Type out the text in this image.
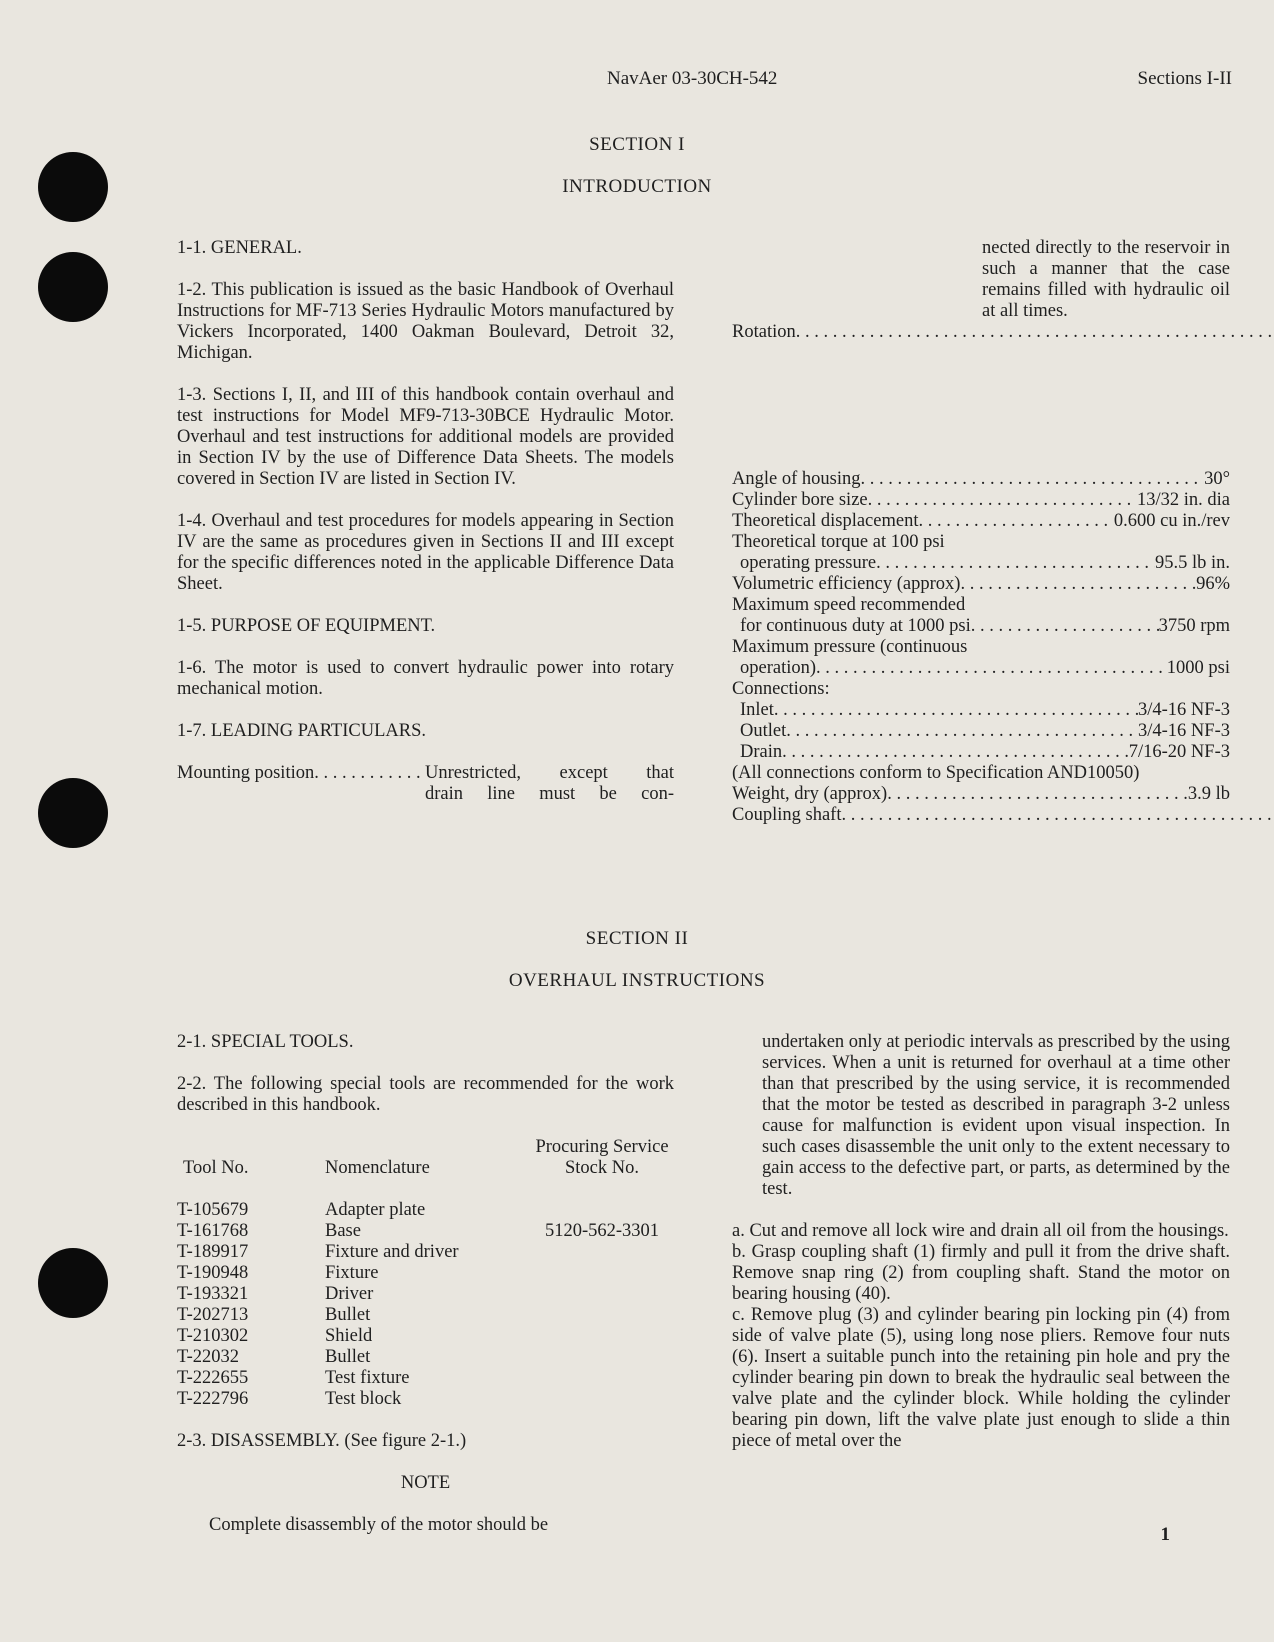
NavAer 03-30CH-542	Sections I-II
SECTION I
INTRODUCTION
1-1. GENERAL.
1-2. This publication is issued as the basic Handbook of Overhaul Instructions for MF-713 Series Hydraulic Motors manufactured by Vickers Incorporated, 1400 Oakman Boulevard, Detroit 32, Michigan.
1-3. Sections I, II, and III of this handbook contain overhaul and test instructions for Model MF9-713-30BCE Hydraulic Motor. Overhaul and test instructions for additional models are provided in Section IV by the use of Difference Data Sheets. The models covered in Section IV are listed in Section IV.
1-4. Overhaul and test procedures for models appearing in Section IV are the same as procedures given in Sections II and III except for the specific differences noted in the applicable Difference Data Sheet.
1-5. PURPOSE OF EQUIPMENT.
1-6. The motor is used to convert hydraulic power into rotary mechanical motion.
1-7. LEADING PARTICULARS.
Mounting position . . .	Unrestricted, except that
drain line must be con-
nected directly to the reservoir in such a manner that the case remains filled with hydraulic oil at all times.
Rotation
. . .
Angle of housing . . .	30°
Cylinder bore size . . .	13/32 in. dia
Theoretical displacement . . .	0.600 cu in./rev
Theoretical torque at 100 psi
operating pressure . . .	95.5 lb in.
Volumetric efficiency (approx) . . .	96%
Maximum speed recommended
for continuous duty at 1000 psi . . .	3750 rpm
Maximum pressure (continuous
operation) . . .	1000 psi
Connections:
Inlet . . .	3/4-16 NF-3
Outlet . . .	3/4-16 NF-3
Drain . . .	7/16-20 NF-3
(All connections conform to Specification AND10050)
Weight, dry (approx) . . .	3.9 lb
Coupling shaft
. . .
SECTION II
OVERHAUL INSTRUCTIONS
2-1. SPECIAL TOOLS.
2-2. The following special tools are recommended for the work described in this handbook.
Tool No.	Nomenclature	Procuring Service
Stock No.

T-105679	Adapter plate	
T-161768	Base	5120-562-3301
T-189917	Fixture and driver	
T-190948	Fixture	
T-193321	Driver	
T-202713	Bullet	
T-210302	Shield	
T-22032	Bullet	
T-222655	Test fixture	
T-222796	Test block	
2-3. DISASSEMBLY. (See figure 2-1.)
NOTE
Complete disassembly of the motor should be
undertaken only at periodic intervals as prescribed by the using services. When a unit is returned for overhaul at a time other than that prescribed by the using service, it is recommended that the motor be tested as described in paragraph 3-2 unless cause for malfunction is evident upon visual inspection. In such cases disassemble the unit only to the extent necessary to gain access to the defective part, or parts, as determined by the test.
a. Cut and remove all lock wire and drain all oil from the housings.
b. Grasp coupling shaft (1) firmly and pull it from the drive shaft. Remove snap ring (2) from coupling shaft. Stand the motor on bearing housing (40).
c. Remove plug (3) and cylinder bearing pin locking pin (4) from side of valve plate (5), using long nose pliers. Remove four nuts (6). Insert a suitable punch into the retaining pin hole and pry the cylinder bearing pin down to break the hydraulic seal between the valve plate and the cylinder block. While holding the cylinder bearing pin down, lift the valve plate just enough to slide a thin piece of metal over the
1
